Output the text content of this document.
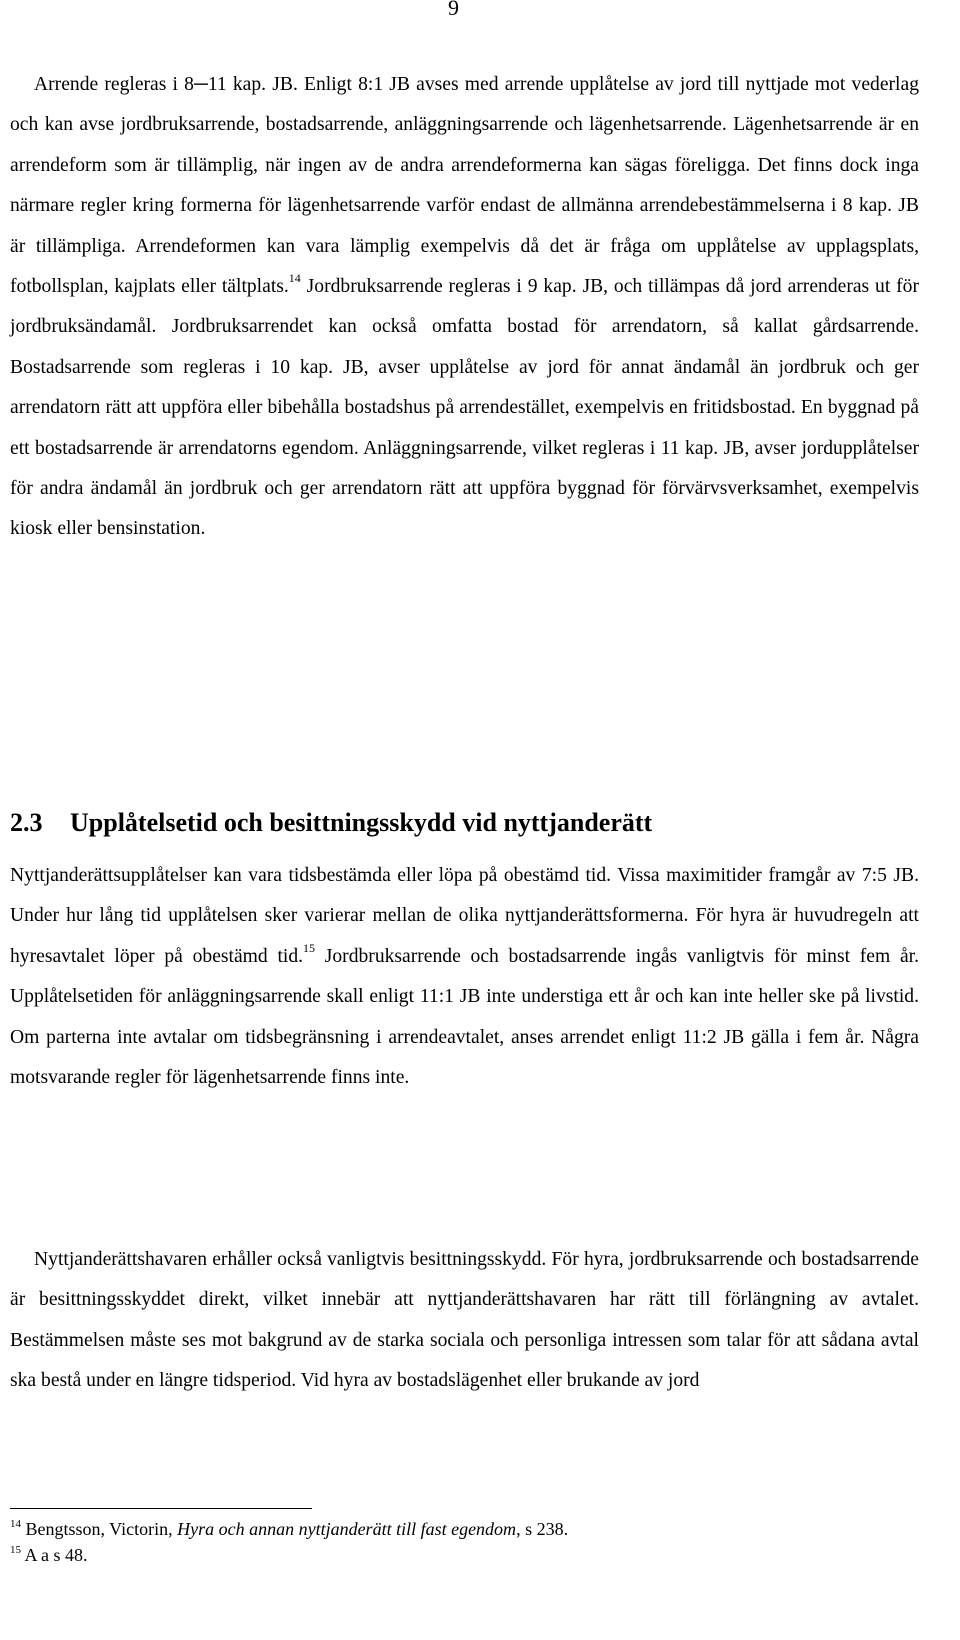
9

Arrende regleras i 8─11 kap. JB. Enligt 8:1 JB avses med arrende upplåtelse av jord till nyttjade mot vederlag och kan avse jordbruksarrende, bostadsarrende, anläggningsarrende och lägenhetsarrende. Lägenhetsarrende är en arrendeform som är tillämplig, när ingen av de andra arrendeformerna kan sägas föreligga. Det finns dock inga närmare regler kring formerna för lägenhetsarrende varför endast de allmänna arrendebestämmelserna i 8 kap. JB är tillämpliga. Arrendeformen kan vara lämplig exempelvis då det är fråga om upplåtelse av upplagsplats, fotbollsplan, kajplats eller tältplats.$^{14}$ Jordbruksarrende regleras i 9 kap. JB, och tillämpas då jord arrenderas ut för jordbruksändamål. Jordbruksarrendet kan också omfatta bostad för arrendatorn, så kallat gårdsarrende. Bostadsarrende som regleras i 10 kap. JB, avser upplåtelse av jord för annat ändamål än jordbruk och ger arrendatorn rätt att uppföra eller bibehålla bostadshus på arrendestället, exempelvis en fritidsbostad. En byggnad på ett bostadsarrende är arrendatorns egendom. Anläggningsarrende, vilket regleras i 11 kap. JB, avser jordupplåtelser för andra ändamål än jordbruk och ger arrendatorn rätt att uppföra byggnad för förvärvsverksamhet, exempelvis kiosk eller bensinstation.

2.3 Upplåtelsetid och besittningsskydd vid nyttjanderätt

Nyttjanderättsupplåtelser kan vara tidsbestämda eller löpa på obestämd tid. Vissa maximitider framgår av 7:5 JB. Under hur lång tid upplåtelsen sker varierar mellan de olika nyttjanderättsformerna. För hyra är huvudregeln att hyresavtalet löper på obestämd tid.$^{15}$ Jordbruksarrende och bostadsarrende ingås vanligtvis för minst fem år. Upplåtelsetiden för anläggningsarrende skall enligt 11:1 JB inte understiga ett år och kan inte heller ske på livstid. Om parterna inte avtalar om tidsbegränsning i arrendeavtalet, anses arrendet enligt 11:2 JB gälla i fem år. Några motsvarande regler för lägenhetsarrende finns inte.

Nyttjanderättshavaren erhåller också vanligtvis besittningsskydd. För hyra, jordbruksarrende och bostadsarrende är besittningsskyddet direkt, vilket innebär att nyttjanderättshavaren har rätt till förlängning av avtalet. Bestämmelsen måste ses mot bakgrund av de starka sociala och personliga intressen som talar för att sådana avtal ska bestå under en längre tidsperiod. Vid hyra av bostadslägenhet eller brukande av jord

$^{14}$ Bengtsson, Victorin, Hyra och annan nyttjanderätt till fast egendom, s 238.
$^{15}$ A a s 48.
